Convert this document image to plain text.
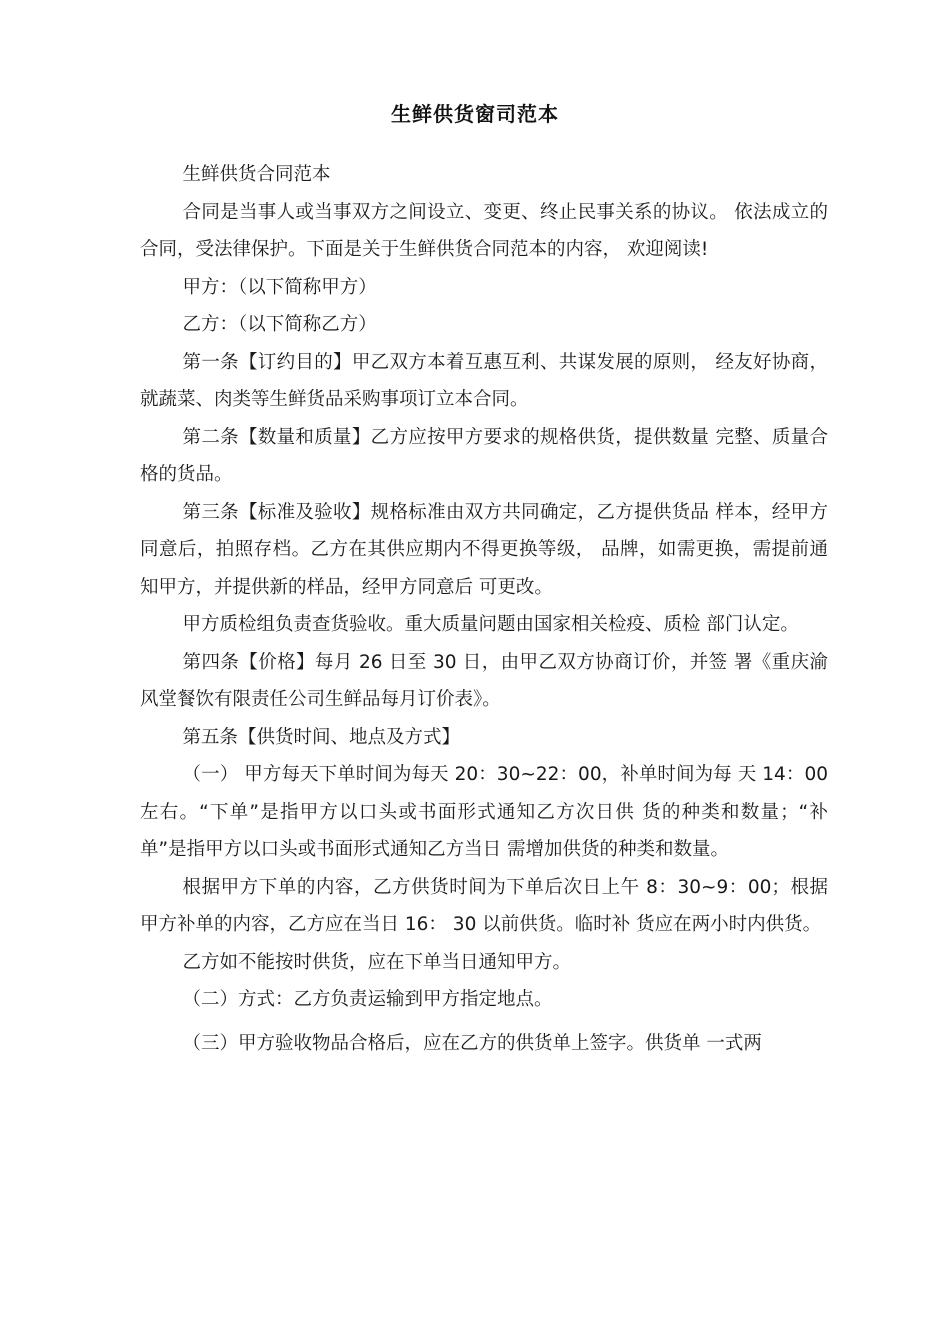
生鲜供货窗司范本

生鲜供货合同范本

合同是当事人或当事双方之间设立、变更、终止民事关系的协议。 依法成立的合同，受法律保护。下面是关于生鲜供货合同范本的内容， 欢迎阅读!

甲方：（以下简称甲方）

乙方：（以下简称乙方）

第一条【订约目的】甲乙双方本着互惠互利、共谋发展的原则， 经友好协商，就蔬菜、肉类等生鲜货品采购事项订立本合同。

第二条【数量和质量】乙方应按甲方要求的规格供货，提供数量 完整、质量合格的货品。

第三条【标准及验收】规格标准由双方共同确定，乙方提供货品 样本，经甲方同意后，拍照存档。乙方在其供应期内不得更换等级， 品牌，如需更换，需提前通知甲方，并提供新的样品，经甲方同意后 可更改。

甲方质检组负责查货验收。重大质量问题由国家相关检疫、质检 部门认定。

第四条【价格】每月 26 日至 30 日，由甲乙双方协商订价，并签 署《重庆渝风堂餐饮有限责任公司生鲜品每月订价表》。

第五条【供货时间、地点及方式】

（一） 甲方每天下单时间为每天 20：30~22：00，补单时间为每 天 14：00 左右。“下单”是指甲方以口头或书面形式通知乙方次日供 货的种类和数量；“补单”是指甲方以口头或书面形式通知乙方当日 需增加供货的种类和数量。

根据甲方下单的内容，乙方供货时间为下单后次日上午 8：30~9：00；根据甲方补单的内容，乙方应在当日 16： 30 以前供货。临时补 货应在两小时内供货。

乙方如不能按时供货，应在下单当日通知甲方。

（二）方式：乙方负责运输到甲方指定地点。

（三）甲方验收物品合格后，应在乙方的供货单上签字。供货单 一式两
